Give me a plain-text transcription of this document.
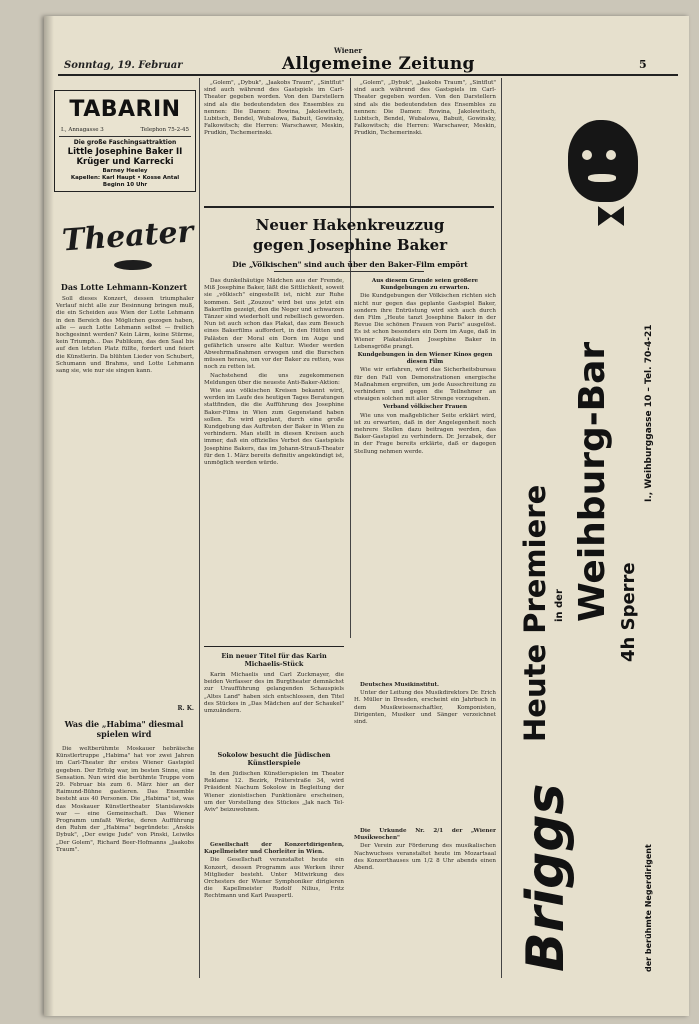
Sonntag, 19. Februar
Wiener
Allgemeine Zeitung	5
TABARIN
I., Annagasse 3	Telephon 75-2-45
Die große Faschingsattraktion
Little Josephine Baker II
Krüger und Karrecki
Barney Heeley
Kapellen: Karl Haupt • Kosse Antal
Beginn 10 Uhr
Theater
Das Lotte Lehmann-Konzert

Soll dieses Konzert, dessen triumphaler Verlauf nicht alle zur Besinnung bringen muß, die ein Scheiden aus Wien der Lotte Lehmann in den Bereich des Möglichen gezogen haben, alle — auch Lotte Lehmann selbst — freilich hochgesinnt werden? Kein Lärm, keine Stürme, kein Triumph... Das Publikum, das den Saal bis auf den letzten Platz füllte, fordert und feiert die Künstlerin. Da blühten Lieder von Schubert, Schumann und Brahms, und Lotte Lehmann sang sie, wie nur sie singen kann.

R. K.
Was die „Habima" diesmal spielen wird

Die weltberühmte Moskauer hebräische Künstlertruppe „Habima" hat vor zwei Jahren im Carl-Theater ihr erstes Wiener Gastspiel gegeben. Der Erfolg war, im besten Sinne, eine Sensation. Nun wird die berühmte Truppe vom 29. Februar bis zum 6. März hier an der Raimund-Bühne gastieren. Das Ensemble besteht aus 40 Personen. Die „Habima" ist, was das Moskauer Künstlertheater Stanislawskis war — eine Gemeinschaft. Das Wiener Programm umfaßt Werke, deren Aufführung den Ruhm der „Habima" begründete: „Anskis Dybuk", „Der ewige Jude" von Pinski, Leiwiks „Der Golem", Richard Beer-Hofmanns „Jaakobs Traum".

„Golem", „Dybuk", „Jaakobs Traum", „Sintflut" sind auch während des Gastspiels im Carl-Theater gegeben worden. Von den Darstellern sind als die bedeutendsten des Ensembles zu nennen: Die Damen: Rowina, Jakolewitsch, Lubitsch, Bendel, Wubalowa, Babuit, Gowinsky, Falkowitsch; die Herren: Warschawer, Meskin, Prudkin, Tschemerinski.

Neuer Hakenkreuzzug
gegen Josephine Baker
Die „Völkischen" sind auch über den Baker-Film empört

Das dunkelhäutige Mädchen aus der Fremde, Miß Josephine Baker, läßt die Sittlichkeit, soweit sie „völkisch" eingestellt ist, nicht zur Ruhe kommen. Seit „Zouzou" wird bei uns jetzt ein Bakerfilm gezeigt, den die Neger und schwarzen Tänzer sind wiederholt und rebellisch geworden. Nun ist auch schon das Plakat, das zum Besuch eines Bakerfilms auffordert, in den Hütten und Palästen der Moral ein Dorn im Auge und gefährlich unsere alte Kultur. Wieder werden Abwehrmaßnahmen erwogen und die Burschen müssen heraus, um vor der Baker zu retten, was noch zu retten ist.

Nachstehend die uns zugekommenen Meldungen über die neueste Anti-Baker-Aktion:

Wie aus völkischen Kreisen bekannt wird, werden im Laufe des heutigen Tages Beratungen stattfinden, die die Aufführung des Josephine Baker-Films in Wien zum Gegenstand haben sollen. Es wird geplant, durch eine große Kundgebung das Auftreten der Baker in Wien zu verhindern. Man stellt in diesen Kreisen auch immer, daß ein offizielles Verbot des Gastspiels Josephine Bakers, das im Johann-Strauß-Theater für den 1. März bereits definitiv angekündigt ist, unmöglich werden würde.

Aus diesem Grunde seien größere Kundgebungen zu erwarten.

Die Kundgebungen der Völkischen richten sich nicht nur gegen das geplante Gastspiel Baker, sondern ihre Entrüstung wird sich auch durch den Film „Heute tanzt Josephine Baker in der Revue Die schönen Frauen von Paris" ausgelöst. Es ist schon besonders ein Dorn im Auge, daß in Wiener Plakatsäulen Josephine Baker in Lebensgröße prangt.

Kundgebungen in den Wiener Kinos gegen diesen Film

Wie wir erfahren, wird das Sicherheitsbureau für den Fall von Demonstrationen energische Maßnahmen ergreifen, um jede Ausschreitung zu verhindern und gegen die Teilnehmer an etwaigen solchen mit aller Strenge vorzugehen.

Verband völkischer Frauen

Wie uns von maßgeblicher Seite erklärt wird, ist zu erwarten, daß in der Angelegenheit noch mehrere Stellen dazu beitragen werden, das Baker-Gastspiel zu verhindern. Dr. Jerzabek, der in der Frage bereits erklärte, daß er dagegen Stellung nehmen werde.

„Golem", „Dybuk", „Jaakobs Traum", „Sintflut" sind auch während des Gastspiels im Carl-Theater gegeben worden. Von den Darstellern sind als die bedeutendsten des Ensembles zu nennen: Die Damen: Rowina, Jakolewitsch, Lubitsch, Bendel, Wubalowa, Babuit, Gowinsky, Falkowitsch; die Herren: Warschawer, Meskin, Prudkin, Tschemerinski.

Ein neuer Titel für das Karin Michaelis-Stück

Karin Michaelis und Carl Zuckmayer, die beiden Verfasser des im Burgtheater demnächst zur Uraufführung gelangenden Schauspiels „Altes Land" haben sich entschlossen, den Titel des Stückes in „Das Mädchen auf der Schaukel" umzuändern.

Sokolow besucht die Jüdischen Künstlerspiele

In den Jüdischen Künstlerspielen im Theater Reklame 12. Bezirk, Präterstraße 34, wird Präsident Nachum Sokolow in Begleitung der Wiener zionistischen Funktionäre erscheinen, um der Vorstellung des Stückes „Jak nach Tel-Aviv" beizuwohnen.

Gesellschaft der Konzertdirigenten, Kapellmeister und Chorleiter in Wien.

Die Gesellschaft veranstaltet heute ein Konzert, dessen Programm aus Werken ihrer Mitglieder besteht. Unter Mitwirkung des Orchesters der Wiener Symphoniker dirigieren die Kapellmeister Rudolf Nilius, Fritz Rechtmann und Karl Pauspertl.

Deutsches Musikinstitut.

Unter der Leitung des Musikdirektors Dr. Erich H. Müller in Dresden, erscheint ein Jahrbuch in dem Musikwissenschaftler, Komponisten, Dirigenten, Musiker und Sänger verzeichnet sind.

Die Urkunde Nr. 2/1 der „Wiener Musikwochen"

Der Verein zur Förderung des musikalischen Nachwuchses veranstaltet heute im Mozartsaal des Konzerthauses um 1/2 8 Uhr abends einen Abend.

Heute Premiere
Briggs
in der Weihburg-Bar 4h Sperre
I., Weihburggasse 10 – Tel. 70-4-21
der berühmte Negerdirigent
